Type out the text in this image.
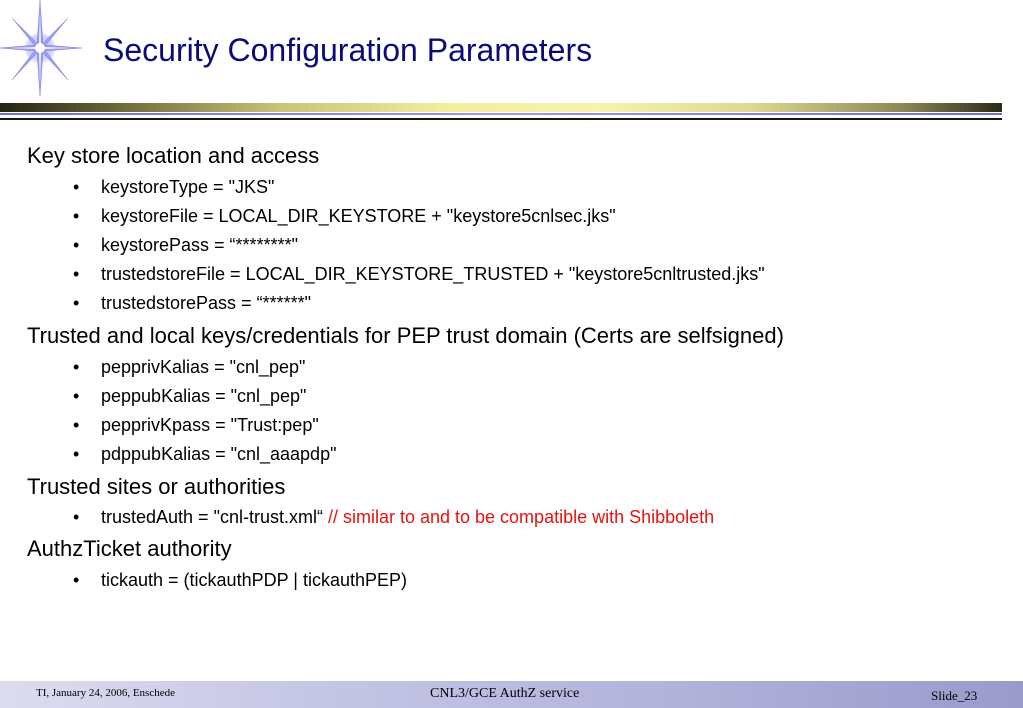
Security Configuration Parameters
Key store location and access
• keystoreType = "JKS"
• keystoreFile = LOCAL_DIR_KEYSTORE + "keystore5cnlsec.jks"
• keystorePass = “********"
• trustedstoreFile = LOCAL_DIR_KEYSTORE_TRUSTED + "keystore5cnltrusted.jks"
• trustedstorePass = “******"
Trusted and local keys/credentials for PEP trust domain (Certs are selfsigned)
• pepprivKalias = "cnl_pep"
• peppubKalias = "cnl_pep"
• pepprivKpass = "Trust:pep"
• pdppubKalias = "cnl_aaapdp"
Trusted sites or authorities
• trustedAuth = "cnl-trust.xml“ // similar to and to be compatible with Shibboleth
AuthzTicket authority
• tickauth = (tickauthPDP | tickauthPEP)
TI, January 24, 2006, Enschede	CNL3/GCE AuthZ service	Slide_23
